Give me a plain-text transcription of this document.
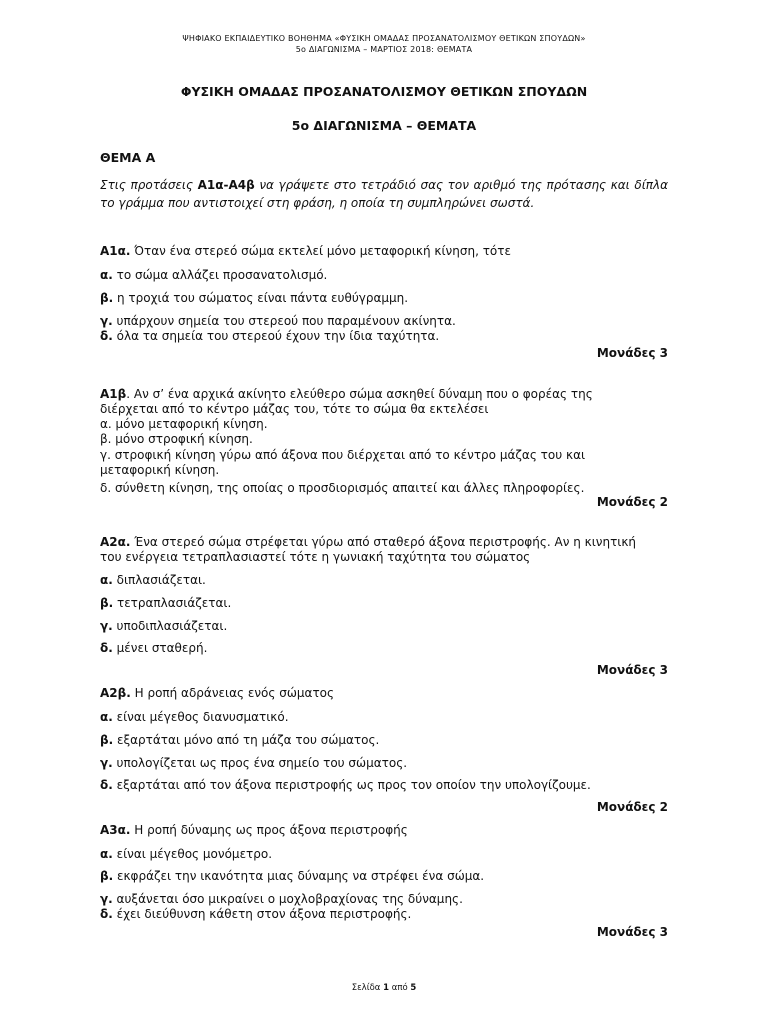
ΨΗΦΙΑΚΟ ΕΚΠΑΙΔΕΥΤΙΚΟ ΒΟΗΘΗΜΑ «ΦΥΣΙΚΗ ΟΜΑΔΑΣ ΠΡΟΣΑΝΑΤΟΛΙΣΜΟΥ ΘΕΤΙΚΩΝ ΣΠΟΥΔΩΝ»
5ο ΔΙΑΓΩΝΙΣΜΑ – ΜΑΡΤΙΟΣ 2018: ΘΕΜΑΤΑ
ΦΥΣΙΚΗ ΟΜΑΔΑΣ ΠΡΟΣΑΝΑΤΟΛΙΣΜΟΥ ΘΕΤΙΚΩΝ ΣΠΟΥΔΩΝ
5ο ΔΙΑΓΩΝΙΣΜΑ – ΘΕΜΑΤΑ
ΘΕΜΑ Α
Στις προτάσεις Α1α-Α4β να γράψετε στο τετράδιό σας τον αριθμό της πρότασης και δίπλα το γράμμα που αντιστοιχεί στη φράση, η οποία τη συμπληρώνει σωστά.
Α1α. Όταν ένα στερεό σώμα εκτελεί μόνο μεταφορική κίνηση, τότε
α. το σώμα αλλάζει προσανατολισμό.
β. η τροχιά του σώματος είναι πάντα ευθύγραμμη.
γ. υπάρχουν σημεία του στερεού που παραμένουν ακίνητα.
δ. όλα τα σημεία του στερεού έχουν την ίδια ταχύτητα.
Μονάδες 3
Α1β. Αν σ’ ένα αρχικά ακίνητο ελεύθερο σώμα ασκηθεί δύναμη που ο φορέας της
διέρχεται από το κέντρο μάζας του, τότε το σώμα θα εκτελέσει
α. μόνο μεταφορική κίνηση.
β. μόνο στροφική κίνηση.
γ. στροφική κίνηση γύρω από άξονα που διέρχεται από το κέντρο μάζας του και
μεταφορική κίνηση.
δ. σύνθετη κίνηση, της οποίας ο προσδιορισμός απαιτεί και άλλες πληροφορίες.
Μονάδες 2
Α2α. Ένα στερεό σώμα στρέφεται γύρω από σταθερό άξονα περιστροφής. Αν η κινητική
του ενέργεια τετραπλασιαστεί τότε η γωνιακή ταχύτητα του σώματος
α. διπλασιάζεται.
β. τετραπλασιάζεται.
γ. υποδιπλασιάζεται.
δ. μένει σταθερή.
Μονάδες 3
Α2β. Η ροπή αδράνειας ενός σώματος
α. είναι μέγεθος διανυσματικό.
β. εξαρτάται μόνο από τη μάζα του σώματος.
γ. υπολογίζεται ως προς ένα σημείο του σώματος.
δ. εξαρτάται από τον άξονα περιστροφής ως προς τον οποίον την υπολογίζουμε.
Μονάδες 2
Α3α. Η ροπή δύναμης ως προς άξονα περιστροφής
α. είναι μέγεθος μονόμετρο.
β. εκφράζει την ικανότητα μιας δύναμης να στρέφει ένα σώμα.
γ. αυξάνεται όσο μικραίνει ο μοχλοβραχίονας της δύναμης.
δ. έχει διεύθυνση κάθετη στον άξονα περιστροφής.
Μονάδες 3
Σελίδα 1 από 5
